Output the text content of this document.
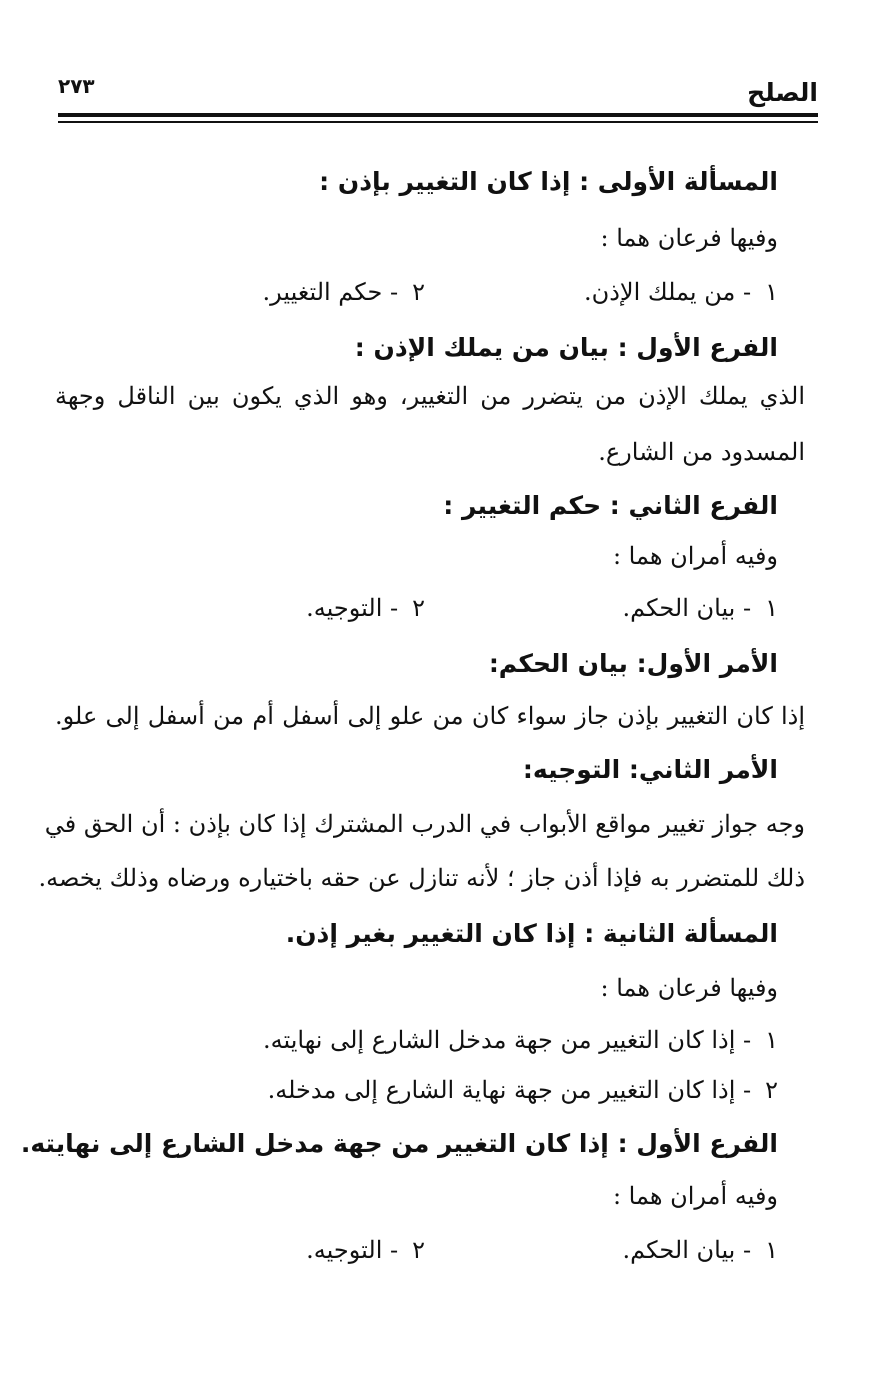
الصلح
٢٧٣
المسألة الأولى : إذا كان التغيير بإذن :
وفيها فرعان هما :
١- من يملك الإذن.
٢- حكم التغيير.
الفرع الأول : بيان من يملك الإذن :
الذي يملك الإذن من يتضرر من التغيير، وهو الذي يكون بين الناقل وجهة
المسدود من الشارع.
الفرع الثاني : حكم التغيير :
وفيه أمران هما :
١- بيان الحكم.
٢- التوجيه.
الأمر الأول: بيان الحكم:
إذا كان التغيير بإذن جاز سواء كان من علو إلى أسفل أم من أسفل إلى علو.
الأمر الثاني: التوجيه:
وجه جواز تغيير مواقع الأبواب في الدرب المشترك إذا كان بإذن : أن الحق في
ذلك للمتضرر به فإذا أذن جاز ؛ لأنه تنازل عن حقه باختياره ورضاه وذلك يخصه.
المسألة الثانية : إذا كان التغيير بغير إذن.
وفيها فرعان هما :
١- إذا كان التغيير من جهة مدخل الشارع إلى نهايته.
٢- إذا كان التغيير من جهة نهاية الشارع إلى مدخله.
الفرع الأول : إذا كان التغيير من جهة مدخل الشارع إلى نهايته.
وفيه أمران هما :
١- بيان الحكم.
٢- التوجيه.
